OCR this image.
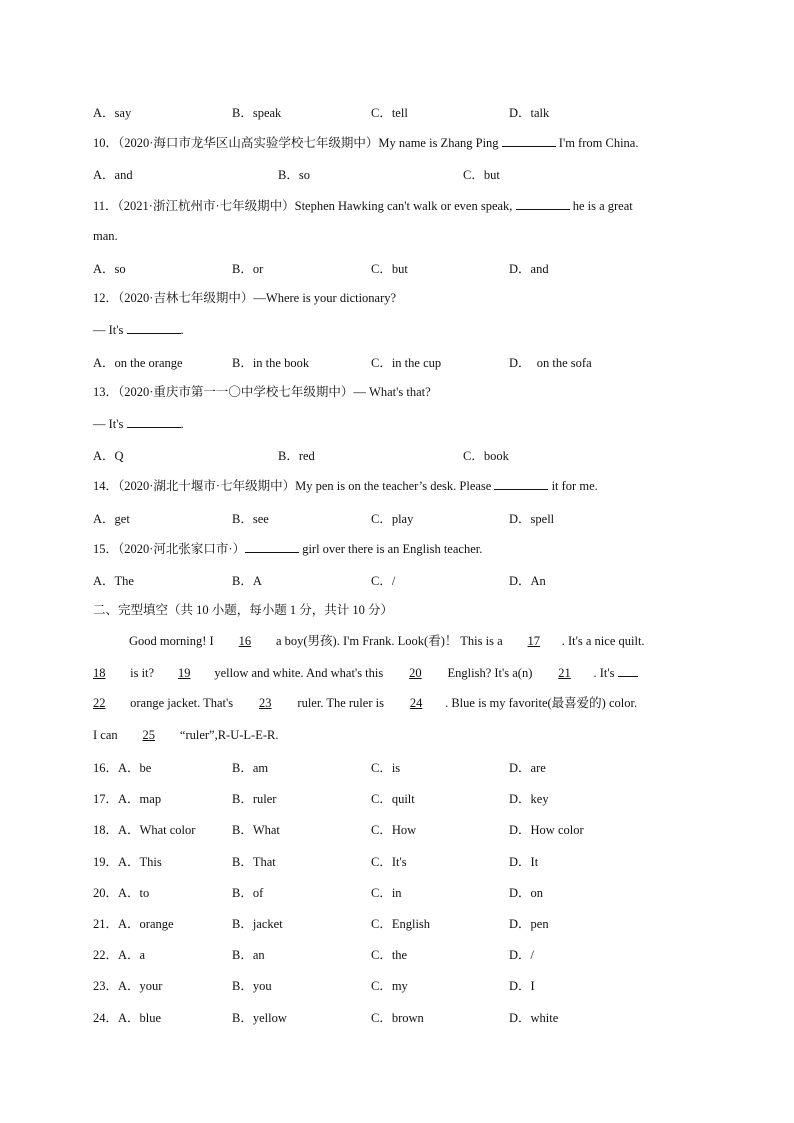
A．say	B．speak	C．tell	D．talk
10．（2020·海口市龙华区山高实验学校七年级期中）My name is Zhang Ping	I'm from China.
A．and	B．so	C．but
11．（2021·浙江杭州市·七年级期中）Stephen Hawking can't walk or even speak,	he is a great
man.
A．so	B．or	C．but	D．and
12．（2020·吉林七年级期中）—Where is your dictionary?
— It's	.
A．on the orange	B．in the book	C．in the cup	D．  on the sofa
13．（2020·重庆市第一一〇中学校七年级期中）— What's that?
— It's	.
A．Q	B．red	C．book
14．（2020·湖北十堰市·七年级期中）My pen is on the teacher’s desk. Please	it for me.
A．get	B．see	C．play	D．spell
15．（2020·河北张家口市·）	girl over there is an English teacher.
A．The	B．A	C．/	D．An
二、完型填空（共 10 小题，每小题 1 分，共计 10 分）
Good morning! I 16 a boy(男孩). I'm Frank. Look(看)！ This is a 17 . It's a nice quilt.
18 is it? 19 yellow and white. And what's this 20 English? It's a(n) 21 . It's
22 orange jacket. That's 23 ruler. The ruler is 24 . Blue is my favorite(最喜爱的) color.
I can 25 “ruler”,R-U-L-E-R.
16．A．be	B．am	C．is	D．are
17．A．map	B．ruler	C．quilt	D．key
18．A．What color	B．What	C．How	D．How color
19．A．This	B．That	C．It's	D．It
20．A．to	B．of	C．in	D．on
21．A．orange	B．jacket	C．English	D．pen
22．A．a	B．an	C．the	D．/
23．A．your	B．you	C．my	D．I
24．A．blue	B．yellow	C．brown	D．white
